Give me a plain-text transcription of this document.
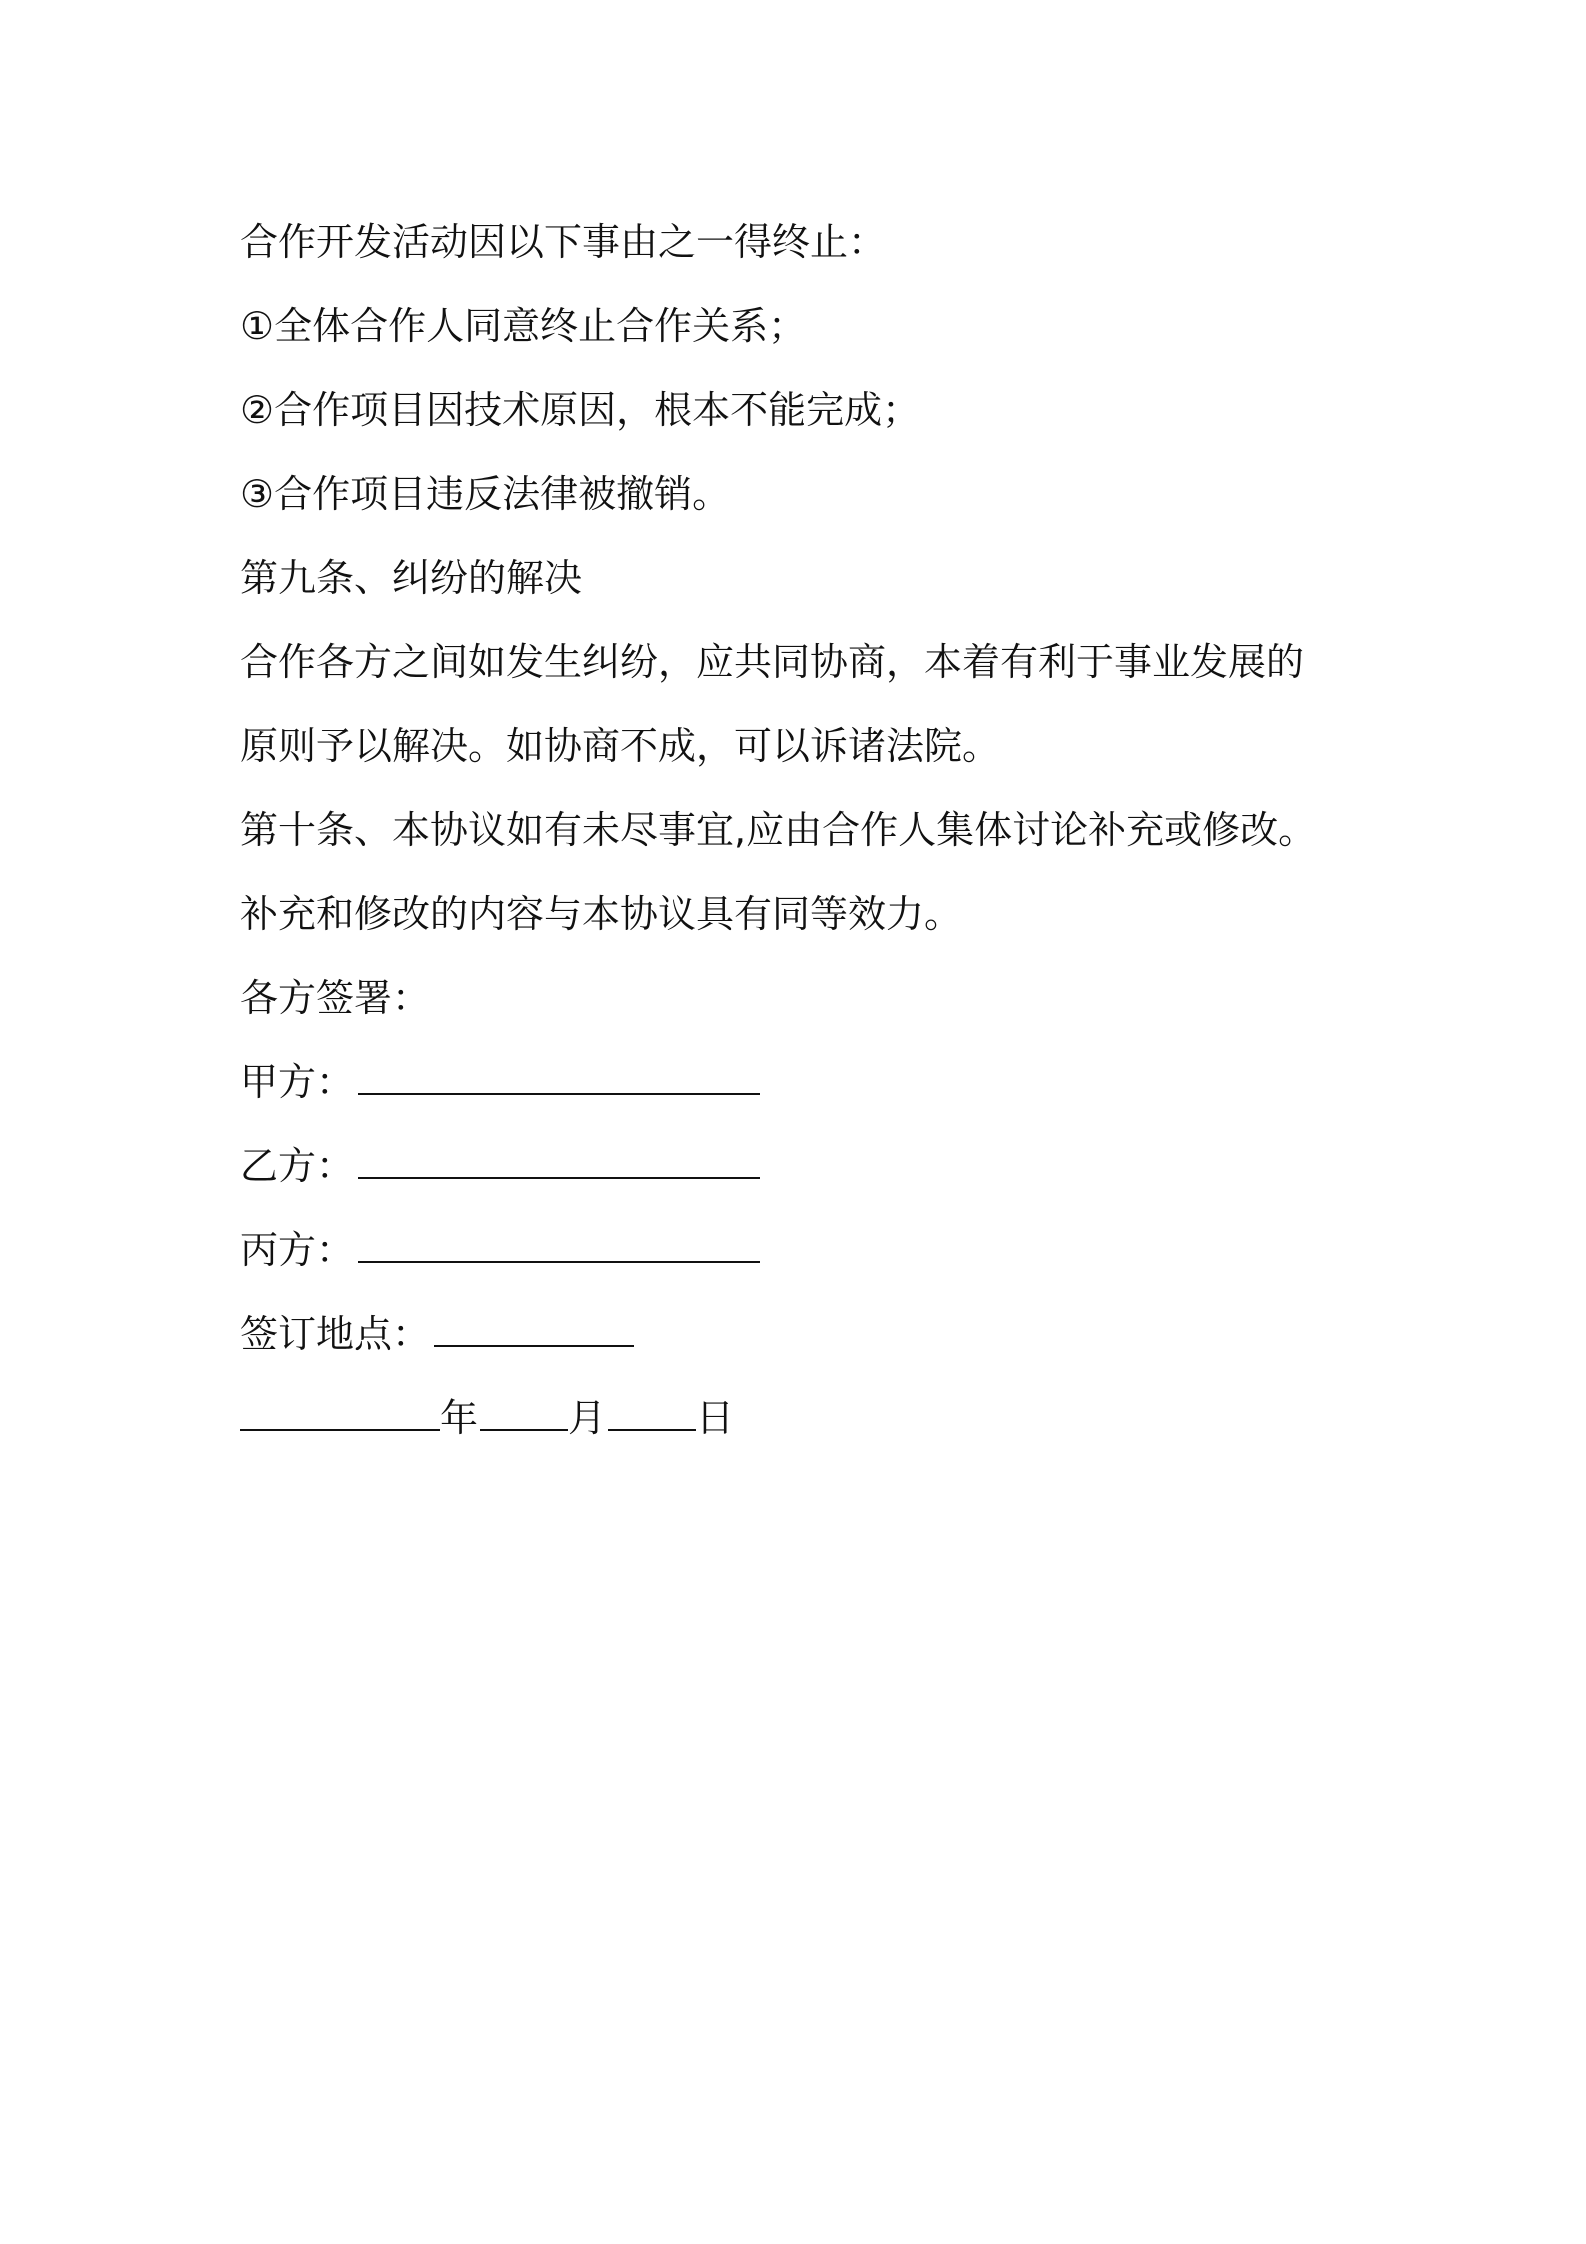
合作开发活动因以下事由之一得终止：

①全体合作人同意终止合作关系；

②合作项目因技术原因，根本不能完成；

③合作项目违反法律被撤销。

第九条、纠纷的解决

合作各方之间如发生纠纷，应共同协商，本着有利于事业发展的

原则予以解决。如协商不成，可以诉诸法院。

第十条、本协议如有未尽事宜,应由合作人集体讨论补充或修改。

补充和修改的内容与本协议具有同等效力。

各方签署：

甲方：
乙方：
丙方：
签订地点：
年 月 日
